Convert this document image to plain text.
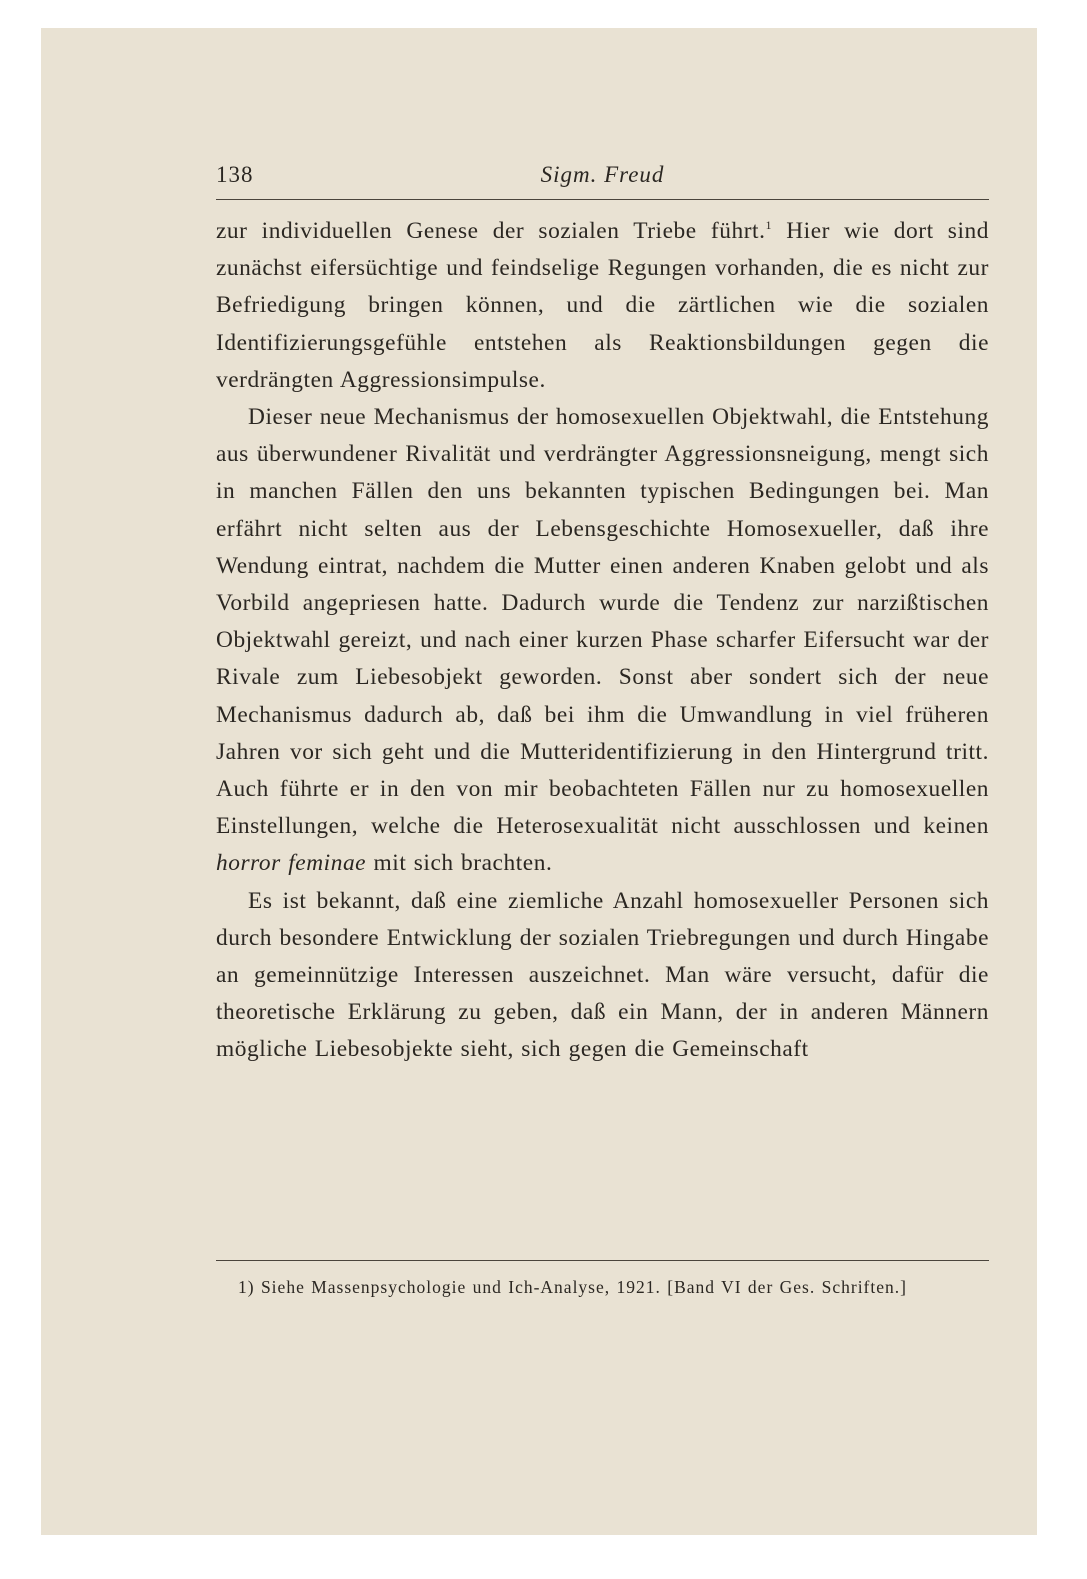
138	Sigm. Freud

zur individuellen Genese der sozialen Triebe führt.$^1$ Hier wie dort sind zunächst eifersüchtige und feindselige Regungen vorhanden, die es nicht zur Befriedigung bringen können, und die zärtlichen wie die sozialen Identifizierungsgefühle entstehen als Reaktionsbildungen gegen die verdrängten Aggressionsimpulse.

Dieser neue Mechanismus der homosexuellen Objektwahl, die Entstehung aus überwundener Rivalität und verdrängter Aggressionsneigung, mengt sich in manchen Fällen den uns bekannten typischen Bedingungen bei. Man erfährt nicht selten aus der Lebensgeschichte Homosexueller, daß ihre Wendung eintrat, nachdem die Mutter einen anderen Knaben gelobt und als Vorbild angepriesen hatte. Dadurch wurde die Tendenz zur narzißtischen Objektwahl gereizt, und nach einer kurzen Phase scharfer Eifersucht war der Rivale zum Liebesobjekt geworden. Sonst aber sondert sich der neue Mechanismus dadurch ab, daß bei ihm die Umwandlung in viel früheren Jahren vor sich geht und die Mutteridentifizierung in den Hintergrund tritt. Auch führte er in den von mir beobachteten Fällen nur zu homosexuellen Einstellungen, welche die Heterosexualität nicht ausschlossen und keinen horror feminae mit sich brachten.

Es ist bekannt, daß eine ziemliche Anzahl homosexueller Personen sich durch besondere Entwicklung der sozialen Triebregungen und durch Hingabe an gemeinnützige Interessen auszeichnet. Man wäre versucht, dafür die theoretische Erklärung zu geben, daß ein Mann, der in anderen Männern mögliche Liebesobjekte sieht, sich gegen die Gemeinschaft

1) Siehe Massenpsychologie und Ich-Analyse, 1921. [Band VI der Ges. Schriften.]
